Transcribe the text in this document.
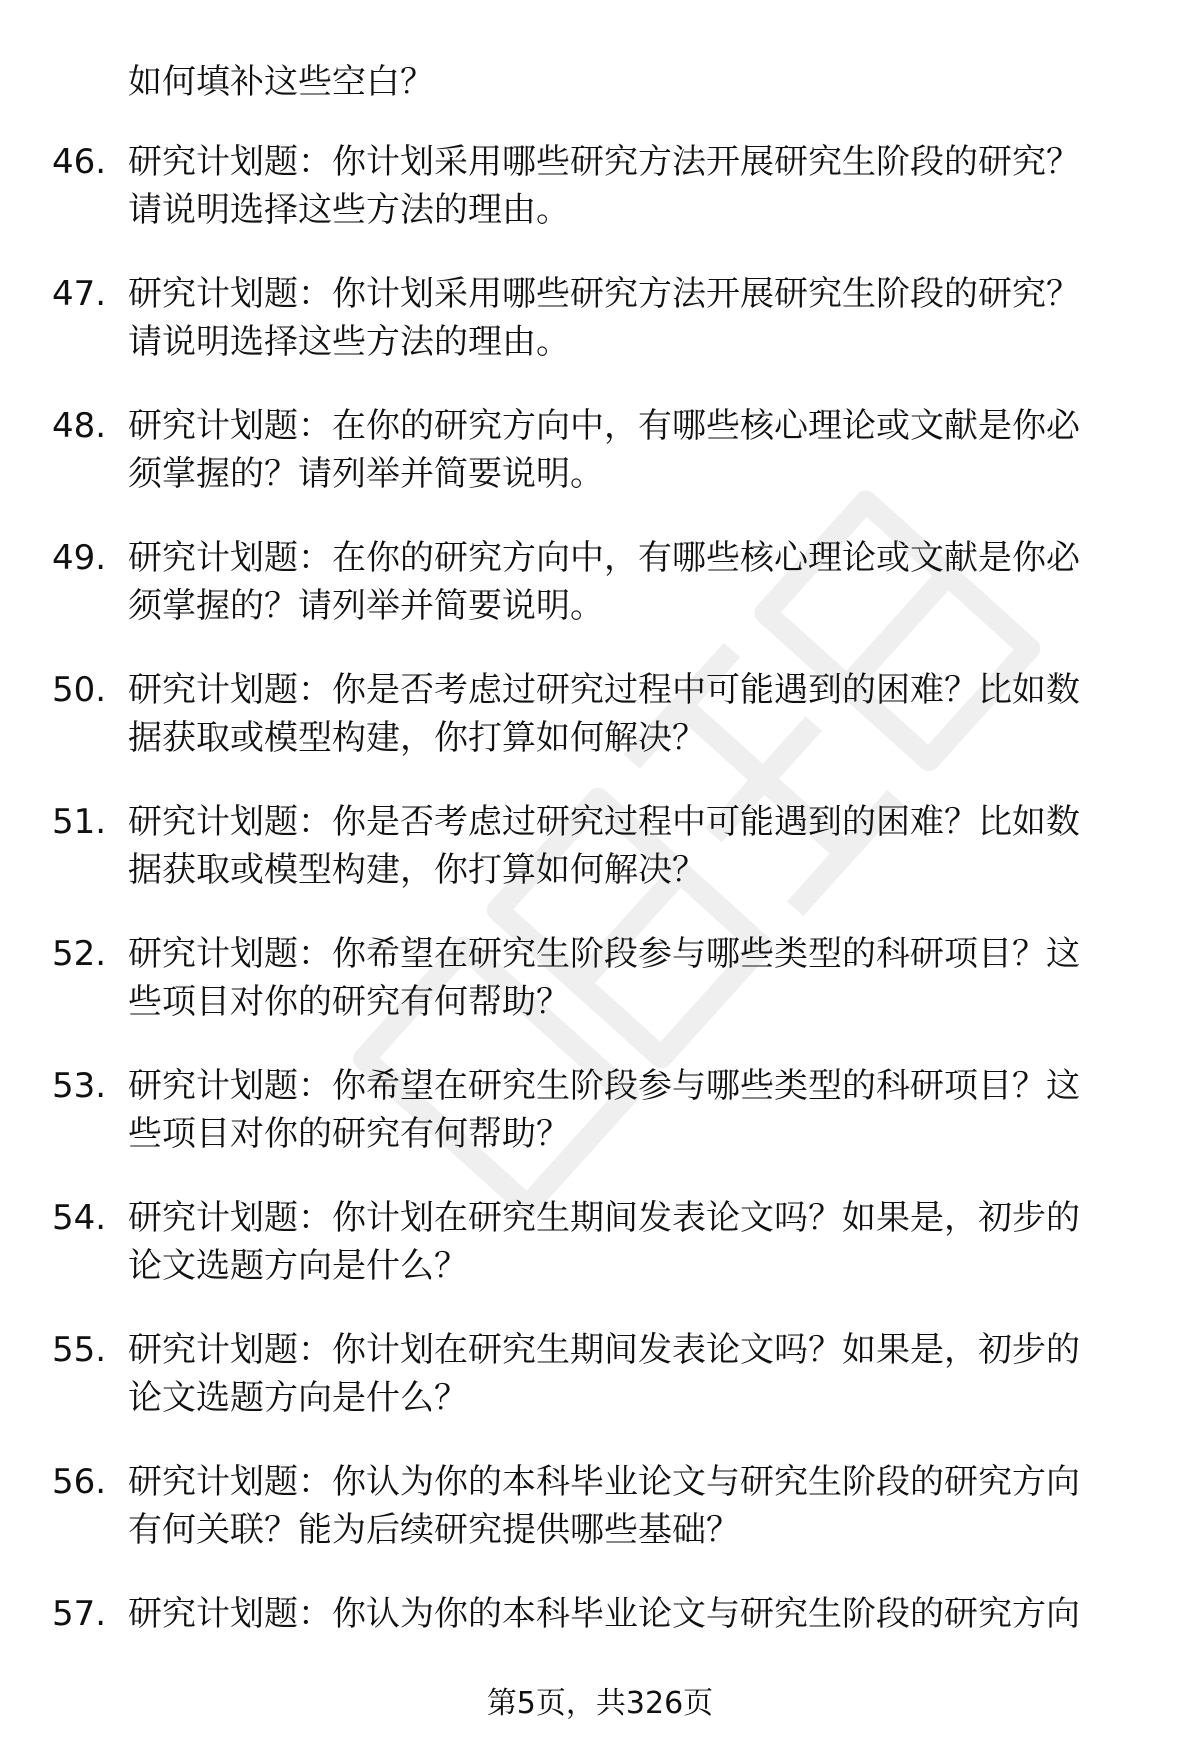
如何填补这些空白？
46. 研究计划题：你计划采用哪些研究方法开展研究生阶段的研究？
请说明选择这些方法的理由。
47. 研究计划题：你计划采用哪些研究方法开展研究生阶段的研究？
请说明选择这些方法的理由。
48. 研究计划题：在你的研究方向中，有哪些核心理论或文献是你必
须掌握的？请列举并简要说明。
49. 研究计划题：在你的研究方向中，有哪些核心理论或文献是你必
须掌握的？请列举并简要说明。
50. 研究计划题：你是否考虑过研究过程中可能遇到的困难？比如数
据获取或模型构建，你打算如何解决？
51. 研究计划题：你是否考虑过研究过程中可能遇到的困难？比如数
据获取或模型构建，你打算如何解决？
52. 研究计划题：你希望在研究生阶段参与哪些类型的科研项目？这
些项目对你的研究有何帮助？
53. 研究计划题：你希望在研究生阶段参与哪些类型的科研项目？这
些项目对你的研究有何帮助？
54. 研究计划题：你计划在研究生期间发表论文吗？如果是，初步的
论文选题方向是什么？
55. 研究计划题：你计划在研究生期间发表论文吗？如果是，初步的
论文选题方向是什么？
56. 研究计划题：你认为你的本科毕业论文与研究生阶段的研究方向
有何关联？能为后续研究提供哪些基础？
57. 研究计划题：你认为你的本科毕业论文与研究生阶段的研究方向
第5页，共326页
